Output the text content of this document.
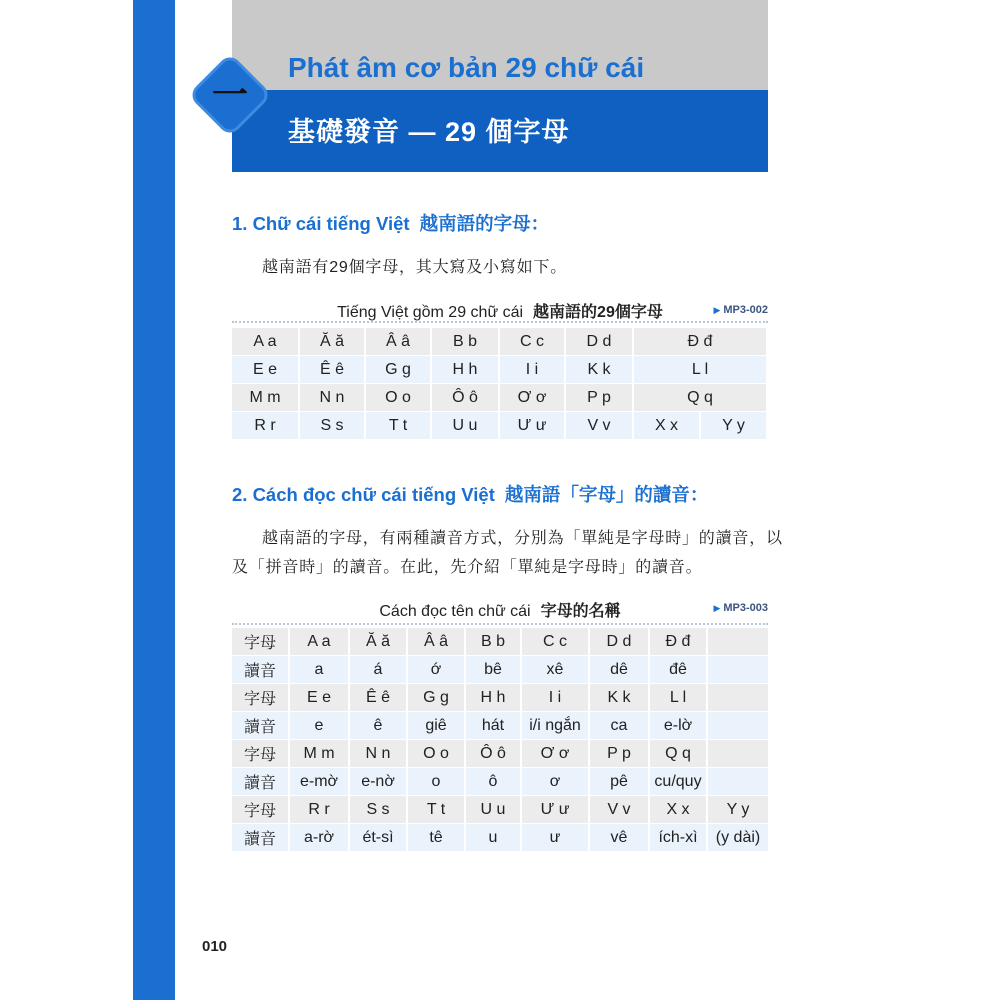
一
Phát âm cơ bản 29 chữ cái
基礎發音 — 29 個字母
1. Chữ cái tiếng Việt 越南語的字母：
越南語有29個字母，其大寫及小寫如下。
Tiếng Việt gồm 29 chữ cái 越南語的29個字母	▶ MP3-002
A a	Ă ă	Â â	B b	C c	D d	Đ đ
E e	Ê ê	G g	H h	I i	K k	L l
M m	N n	O o	Ô ô	Ơ ơ	P p	Q q
R r	S s	T t	U u	Ư ư	V v	X x	Y y
2. Cách đọc chữ cái tiếng Việt 越南語「字母」的讀音：
越南語的字母，有兩種讀音方式，分別為「單純是字母時」的讀音，以
及「拼音時」的讀音。在此，先介紹「單純是字母時」的讀音。
Cách đọc tên chữ cái 字母的名稱	▶ MP3-003
字母	A a	Ă ă	Â â	B b	C c	D d	Đ đ
讀音	a	á	ớ	bê	xê	dê	đê
字母	E e	Ê ê	G g	H h	I i	K k	L l
讀音	e	ê	giê	hát	i/i ngắn	ca	e-lờ
字母	M m	N n	O o	Ô ô	Ơ ơ	P p	Q q
讀音	e-mờ	e-nờ	o	ô	ơ	pê	cu/quy
字母	R r	S s	T t	U u	Ư ư	V v	X x	Y y
讀音	a-rờ	ét-sì	tê	u	ư	vê	ích-xì	(y dài)
010
